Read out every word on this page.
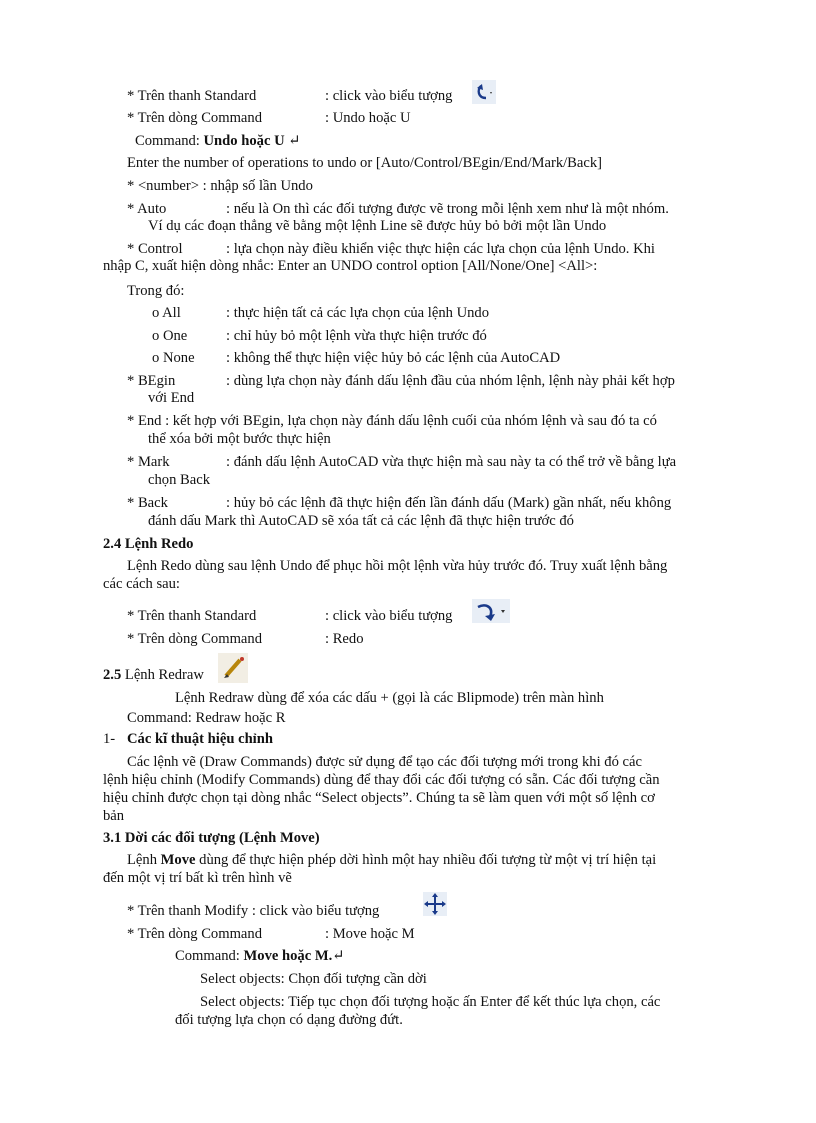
* Trên thanh Standard	: click vào biểu tượng
* Trên dòng Command	: Undo hoặc U
Command: Undo hoặc U ↵
Enter the number of operations to undo or [Auto/Control/BEgin/End/Mark/Back]
* <number> : nhập số lần Undo
* Auto	: nếu là On thì các đối tượng được vẽ trong mỗi lệnh xem như là một nhóm.
Ví dụ các đoạn thẳng vẽ bằng một lệnh Line sẽ được hủy bỏ bởi một lần Undo
* Control	: lựa chọn này điều khiển việc thực hiện các lựa chọn của lệnh Undo. Khi
nhập C, xuất hiện dòng nhắc: Enter an UNDO control option [All/None/One] <All>:
Trong đó:
o All	: thực hiện tất cả các lựa chọn của lệnh Undo
o One	: chỉ hủy bỏ một lệnh vừa thực hiện trước đó
o None : không thể thực hiện việc hủy bỏ các lệnh của AutoCAD
* BEgin	: dùng lựa chọn này đánh dấu lệnh đầu của nhóm lệnh, lệnh này phải kết hợp
với End
* End : kết hợp với BEgin, lựa chọn này đánh dấu lệnh cuối của nhóm lệnh và sau đó ta có
thể xóa bởi một bước thực hiện
* Mark	: đánh dấu lệnh AutoCAD vừa thực hiện mà sau này ta có thể trở về bằng lựa
chọn Back
* Back	: hủy bỏ các lệnh đã thực hiện đến lần đánh dấu (Mark) gần nhất, nếu không
đánh dấu Mark thì AutoCAD sẽ xóa tất cả các lệnh đã thực hiện trước đó
2.4 Lệnh Redo
Lệnh Redo dùng sau lệnh Undo để phục hồi một lệnh vừa hủy trước đó. Truy xuất lệnh bằng
các cách sau:
* Trên thanh Standard	: click vào biểu tượng
* Trên dòng Command	: Redo
2.5 Lệnh Redraw
Lệnh Redraw dùng để xóa các dấu + (gọi là các Blipmode) trên màn hình
Command: Redraw hoặc R
1- Các kĩ thuật hiệu chỉnh
Các lệnh vẽ (Draw Commands) được sử dụng để tạo các đối tượng mới trong khi đó các
lệnh hiệu chỉnh (Modify Commands) dùng để thay đổi các đối tượng có sẵn. Các đối tượng cần
hiệu chỉnh được chọn tại dòng nhắc “Select objects”. Chúng ta sẽ làm quen với một số lệnh cơ
bản
3.1 Dời các đối tượng (Lệnh Move)
Lệnh Move dùng để thực hiện phép dời hình một hay nhiều đối tượng từ một vị trí hiện tại
đến một vị trí bất kì trên hình vẽ
* Trên thanh Modify : click vào biểu tượng
* Trên dòng Command	: Move hoặc M
Command: Move hoặc M.↵
Select objects: Chọn đối tượng cần dời
Select objects: Tiếp tục chọn đối tượng hoặc ấn Enter để kết thúc lựa chọn, các
đối tượng lựa chọn có dạng đường đứt.
